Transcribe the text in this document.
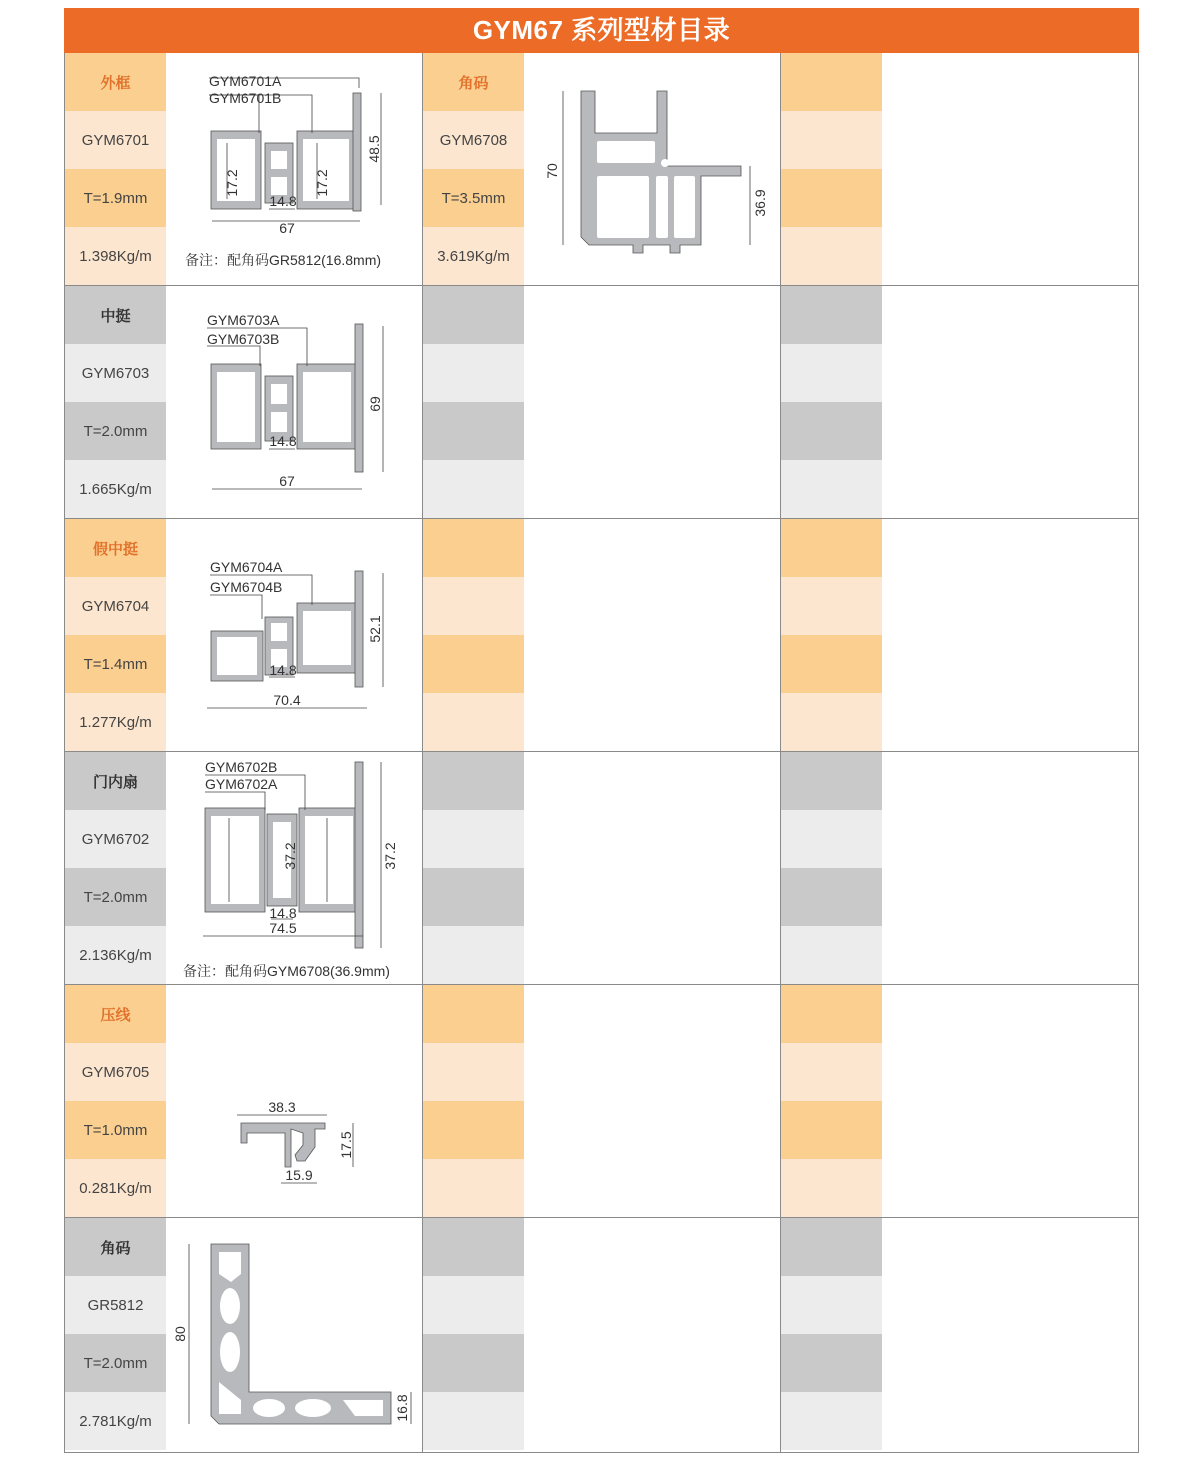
GYM67 系列型材目录
外框
GYM6701
T=1.9mm
1.398Kg/m
GYM6701A
GYM6701B
17.2	17.2
48.5
14.8
67
备注：配角码GR5812(16.8mm)
角码
GYM6708
T=3.5mm
3.619Kg/m
70
36.9
中挺
GYM6703
T=2.0mm
1.665Kg/m
GYM6703A
GYM6703B
69
14.8
67
假中挺
GYM6704
T=1.4mm
1.277Kg/m
GYM6704A
GYM6704B
52.1
14.8
70.4
门内扇
GYM6702
T=2.0mm
2.136Kg/m
GYM6702B
GYM6702A
37.2	37.2
14.8
74.5
备注：配角码GYM6708(36.9mm)
压线
GYM6705
T=1.0mm
0.281Kg/m
38.3
17.5
15.9
角码
GR5812
T=2.0mm
2.781Kg/m
80
16.8
